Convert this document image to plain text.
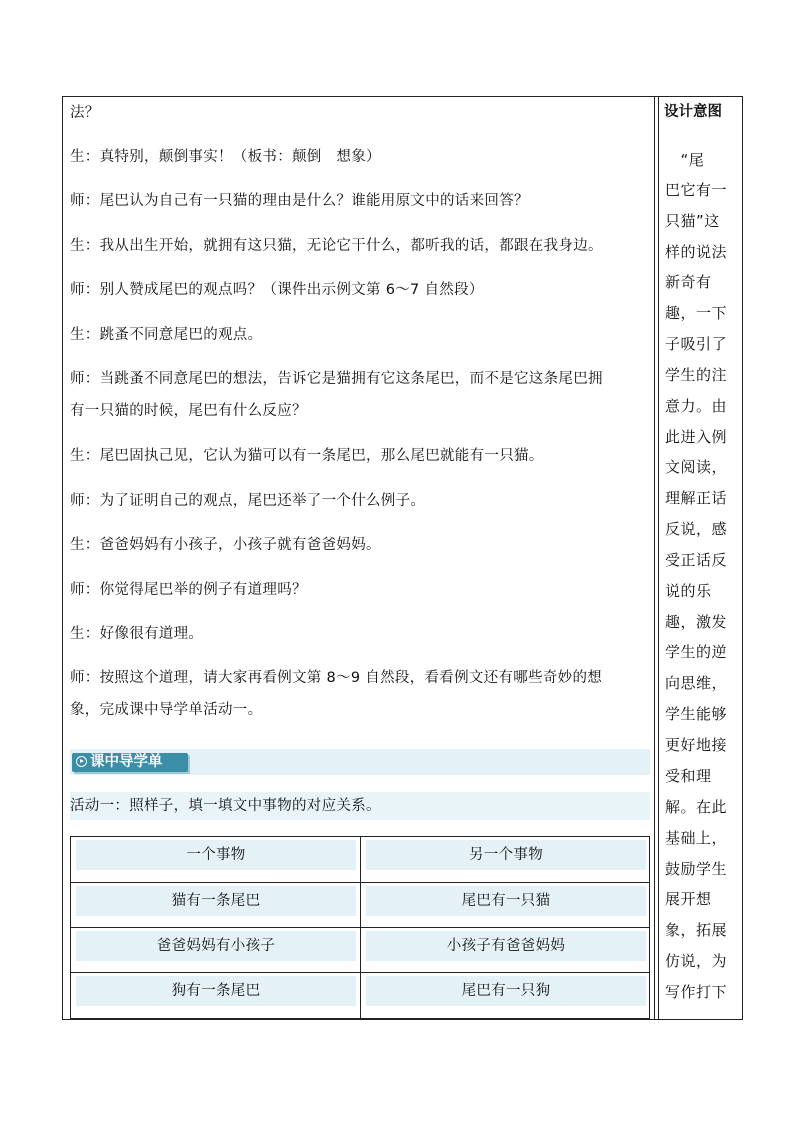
法？
生：真特别，颠倒事实！（板书：颠倒　想象）
师：尾巴认为自己有一只猫的理由是什么？谁能用原文中的话来回答？
生：我从出生开始，就拥有这只猫，无论它干什么，都听我的话，都跟在我身边。
师：别人赞成尾巴的观点吗？（课件出示例文第 6～7 自然段）
生：跳蚤不同意尾巴的观点。
师：当跳蚤不同意尾巴的想法，告诉它是猫拥有它这条尾巴，而不是它这条尾巴拥
有一只猫的时候，尾巴有什么反应？
生：尾巴固执己见，它认为猫可以有一条尾巴，那么尾巴就能有一只猫。
师：为了证明自己的观点，尾巴还举了一个什么例子。
生：爸爸妈妈有小孩子，小孩子就有爸爸妈妈。
师：你觉得尾巴举的例子有道理吗？
生：好像很有道理。
师：按照这个道理，请大家再看例文第 8～9 自然段，看看例文还有哪些奇妙的想
象，完成课中导学单活动一。
课中导学单
活动一：照样子，填一填文中事物的对应关系。
一个事物	另一个事物
猫有一条尾巴	尾巴有一只猫
爸爸妈妈有小孩子	小孩子有爸爸妈妈
狗有一条尾巴	尾巴有一只狗
设计意图
　“尾
巴它有一
只猫”这
样的说法
新奇有
趣，一下
子吸引了
学生的注
意力。由
此进入例
文阅读，
理解正话
反说，感
受正话反
说的乐
趣，激发
学生的逆
向思维，
学生能够
更好地接
受和理
解。在此
基础上，
鼓励学生
展开想
象，拓展
仿说，为
写作打下
